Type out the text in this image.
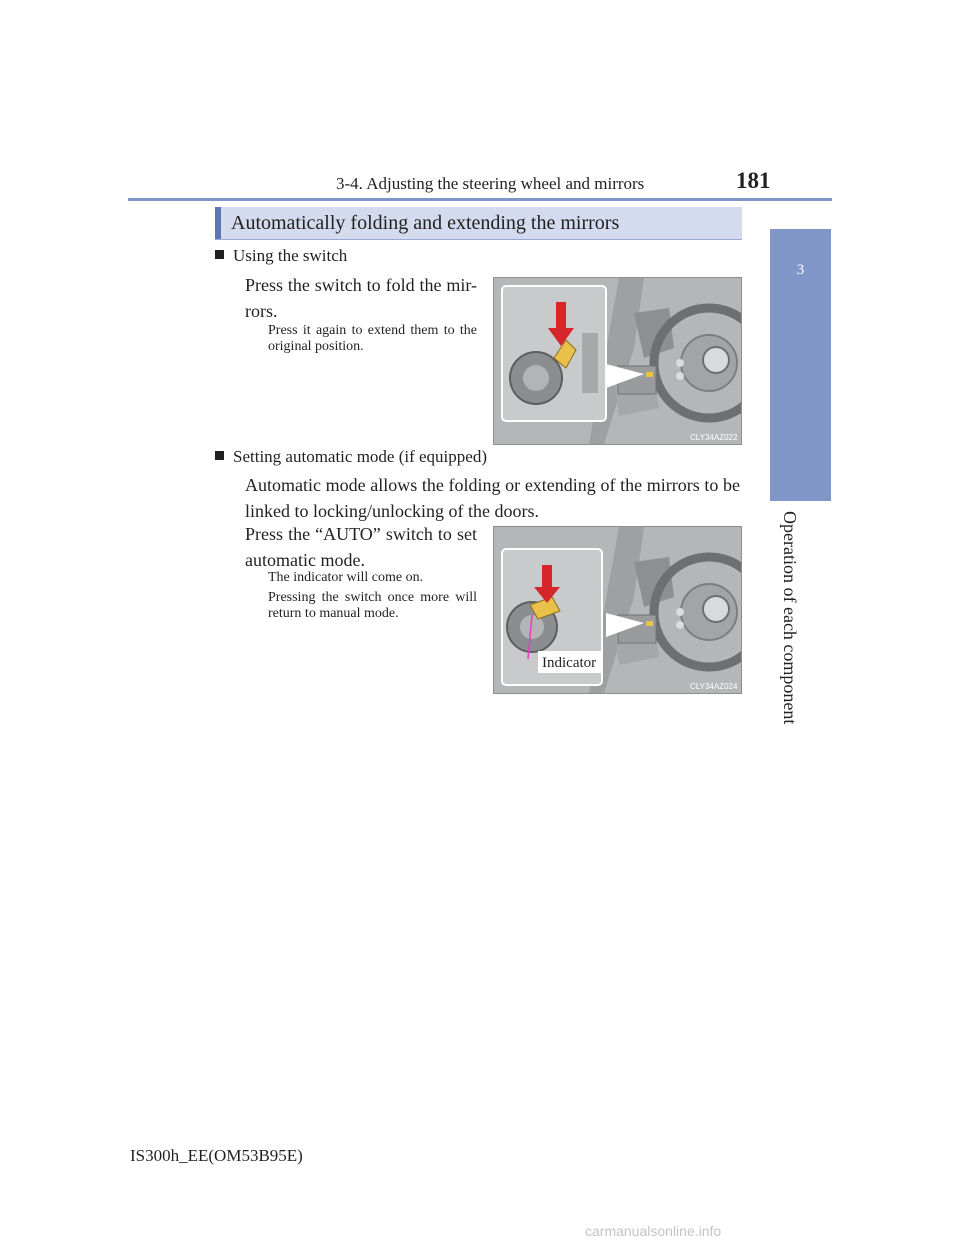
3-4. Adjusting the steering wheel and mirrors	181
3
Operation of each component
Automatically folding and extending the mirrors
Using the switch
Press the switch to fold the mir-rors.
Press it again to extend them to the original position.
CLY34AZ022
Setting automatic mode (if equipped)
Automatic mode allows the folding or extending of the mirrors to be linked to locking/unlocking of the doors.
Press the “AUTO” switch to set automatic mode.
The indicator will come on.
Pressing the switch once more will return to manual mode.
Indicator
CLY34AZ024
IS300h_EE(OM53B95E)
carmanualsonline.info
